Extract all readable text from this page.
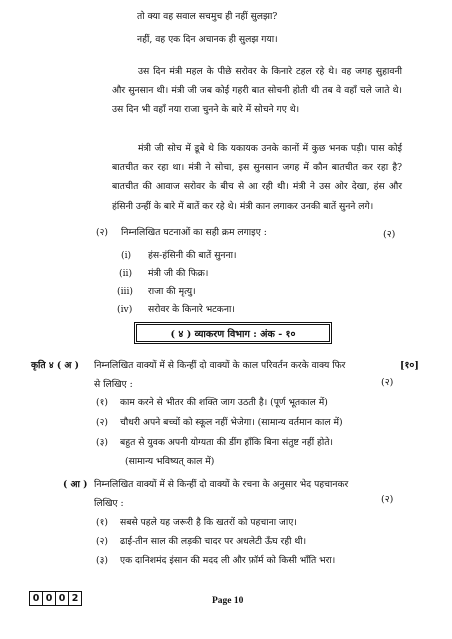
तो क्या वह सवाल सचमुच ही नहीं सुलझा?
नहीं, वह एक दिन अचानक ही सुलझ गया।
उस दिन मंत्री महल के पीछे सरोवर के किनारे टहल रहे थे। वह जगह सुहावनी और सुनसान थी। मंत्री जी जब कोई गहरी बात सोचनी होती थी तब वे वहाँ चले जाते थे। उस दिन भी वहाँ नया राजा चुनने के बारे में सोचने गए थे।
मंत्री जी सोच में डूबे थे कि यकायक उनके कानों में कुछ भनक पड़ी। पास कोई बातचीत कर रहा था। मंत्री ने सोचा, इस सुनसान जगह में कौन बातचीत कर रहा है? बातचीत की आवाज सरोवर के बीच से आ रही थी। मंत्री ने उस ओर देखा, हंस और हंसिनी उन्हीं के बारे में बातें कर रहे थे। मंत्री कान लगाकर उनकी बातें सुनने लगे।
(२) निम्नलिखित घटनाओं का सही क्रम लगाइए :	(२)
(i) हंस-हंसिनी की बातें सुनना।
(ii) मंत्री जी की फिक्र।
(iii) राजा की मृत्यु।
(iv) सरोवर के किनारे भटकना।
( ४ ) व्याकरण विभाग : अंक - १०
कृति ४ ( अ ) निम्नलिखित वाक्यों में से किन्हीं दो वाक्यों के काल परिवर्तन करके वाक्य फिर	[१०]
से लिखिए :	(२)
(१) काम करने से भीतर की शक्ति जाग उठती है। (पूर्ण भूतकाल में)
(२) चौधरी अपने बच्चों को स्कूल नहीं भेजेगा। (सामान्य वर्तमान काल में)
(३) बहुत से युवक अपनी योग्यता की डींग हाँकि बिना संतुष्ट नहीं होते।
(सामान्य भविष्यत् काल में)
( आ ) निम्नलिखित वाक्यों में से किन्हीं दो वाक्यों के रचना के अनुसार भेद पहचानकर
लिखिए :	(२)
(१) सबसे पहले यह जरूरी है कि खतरों को पहचाना जाए।
(२) ढाई-तीन साल की लड़की चादर पर अधलेटी ऊँघ रही थी।
(३) एक दानिशमंद इंसान की मदद ली और फ़ॉर्म को किसी भाँति भरा।
0 0 0 2	Page 10
